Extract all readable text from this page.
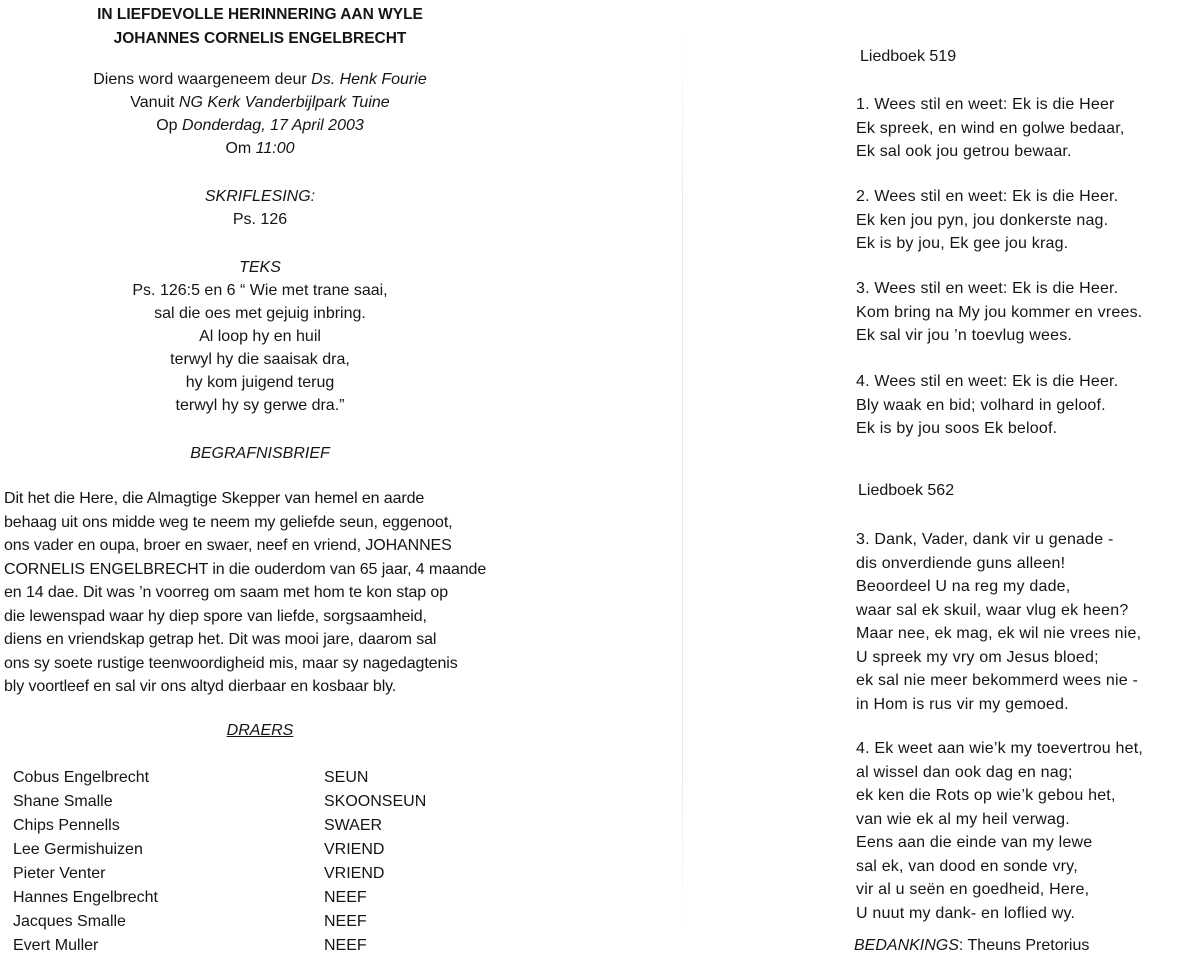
IN LIEFDEVOLLE HERINNERING AAN WYLE
JOHANNES CORNELIS ENGELBRECHT
Diens word waargeneem deur Ds. Henk Fourie
Vanuit NG Kerk Vanderbijlpark Tuine
Op Donderdag, 17 April 2003
Om 11:00
SKRIFLESING:
Ps. 126
TEKS
Ps. 126:5 en 6 “ Wie met trane saai,
sal die oes met gejuig inbring.
Al loop hy en huil
terwyl hy die saaisak dra,
hy kom juigend terug
terwyl hy sy gerwe dra.”
BEGRAFNISBRIEF
Dit het die Here, die Almagtige Skepper van hemel en aarde
behaag uit ons midde weg te neem my geliefde seun, eggenoot,
ons vader en oupa, broer en swaer, neef en vriend, JOHANNES
CORNELIS ENGELBRECHT in die ouderdom van 65 jaar, 4 maande
en 14 dae. Dit was ’n voorreg om saam met hom te kon stap op
die lewenspad waar hy diep spore van liefde, sorgsaamheid,
diens en vriendskap getrap het. Dit was mooi jare, daarom sal
ons sy soete rustige teenwoordigheid mis, maar sy nagedagtenis
bly voortleef en sal vir ons altyd dierbaar en kosbaar bly.
DRAERS
Cobus Engelbrecht	SEUN
Shane Smalle	SKOONSEUN
Chips Pennells	SWAER
Lee Germishuizen	VRIEND
Pieter Venter	VRIEND
Hannes Engelbrecht	NEEF
Jacques Smalle	NEEF
Evert Muller	NEEF
Liedboek 519
1. Wees stil en weet: Ek is die Heer
Ek spreek, en wind en golwe bedaar,
Ek sal ook jou getrou bewaar.
2. Wees stil en weet: Ek is die Heer.
Ek ken jou pyn, jou donkerste nag.
Ek is by jou, Ek gee jou krag.
3. Wees stil en weet: Ek is die Heer.
Kom bring na My jou kommer en vrees.
Ek sal vir jou ’n toevlug wees.
4. Wees stil en weet: Ek is die Heer.
Bly waak en bid; volhard in geloof.
Ek is by jou soos Ek beloof.
Liedboek 562
3. Dank, Vader, dank vir u genade -
dis onverdiende guns alleen!
Beoordeel U na reg my dade,
waar sal ek skuil, waar vlug ek heen?
Maar nee, ek mag, ek wil nie vrees nie,
U spreek my vry om Jesus bloed;
ek sal nie meer bekommerd wees nie -
in Hom is rus vir my gemoed.
4. Ek weet aan wie’k my toevertrou het,
al wissel dan ook dag en nag;
ek ken die Rots op wie’k gebou het,
van wie ek al my heil verwag.
Eens aan die einde van my lewe
sal ek, van dood en sonde vry,
vir al u seën en goedheid, Here,
U nuut my dank- en loflied wy.
BEDANKINGS: Theuns Pretorius
